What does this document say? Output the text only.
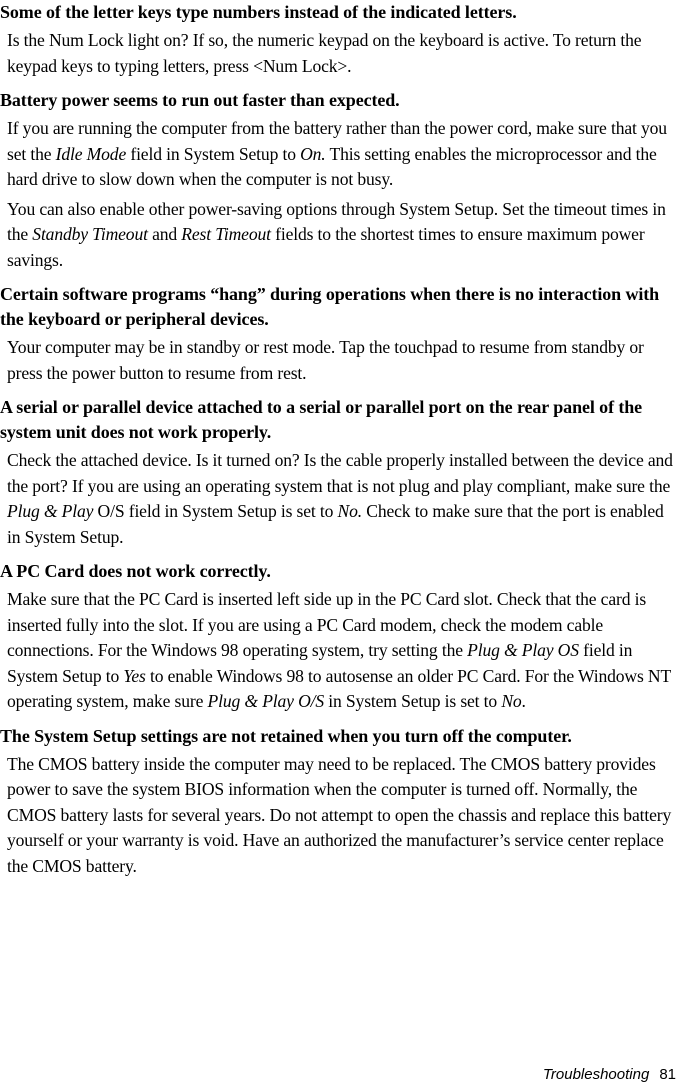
Some of the letter keys type numbers instead of the indicated letters.

Is the Num Lock light on? If so, the numeric keypad on the keyboard is active. To return the keypad keys to typing letters, press <Num Lock>.

Battery power seems to run out faster than expected.

If you are running the computer from the battery rather than the power cord, make sure that you set the Idle Mode field in System Setup to On. This setting enables the microprocessor and the hard drive to slow down when the computer is not busy.

You can also enable other power-saving options through System Setup. Set the timeout times in the Standby Timeout and Rest Timeout fields to the shortest times to ensure maximum power savings.

Certain software programs “hang” during operations when there is no interaction with the keyboard or peripheral devices.

Your computer may be in standby or rest mode. Tap the touchpad to resume from standby or press the power button to resume from rest.

A serial or parallel device attached to a serial or parallel port on the rear panel of the system unit does not work properly.

Check the attached device. Is it turned on? Is the cable properly installed between the device and the port? If you are using an operating system that is not plug and play compliant, make sure the Plug & Play O/S field in System Setup is set to No. Check to make sure that the port is enabled in System Setup.

A PC Card does not work correctly.

Make sure that the PC Card is inserted left side up in the PC Card slot. Check that the card is inserted fully into the slot. If you are using a PC Card modem, check the modem cable connections. For the Windows 98 operating system, try setting the Plug & Play OS field in System Setup to Yes to enable Windows 98 to autosense an older PC Card. For the Windows NT operating system, make sure Plug & Play O/S in System Setup is set to No.

The System Setup settings are not retained when you turn off the computer.

The CMOS battery inside the computer may need to be replaced. The CMOS battery provides power to save the system BIOS information when the computer is turned off. Normally, the CMOS battery lasts for several years. Do not attempt to open the chassis and replace this battery yourself or your warranty is void. Have an authorized the manufacturer’s service center replace the CMOS battery.

Troubleshooting 81
